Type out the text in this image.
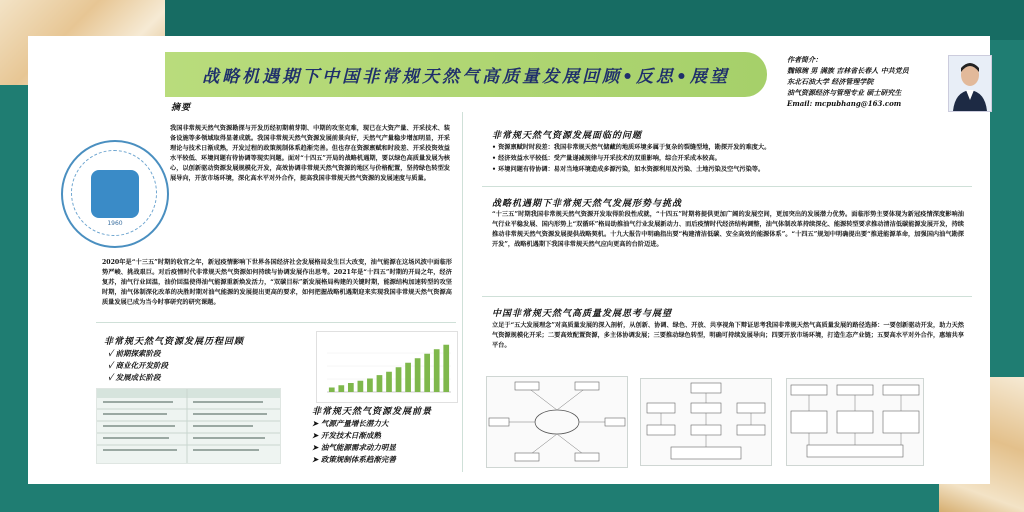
战略机遇期下中国非常规天然气高质量发展回顾•反思•展望
作者简介：
魏锦琬 男 满族 吉林省长春人 中共党员
东北石油大学 经济管理学院
油气资源经济与管理专业 硕士研究生
Email: mcpubhang@163.com
摘要
1960
我国非常规天然气资源勘探与开发历经初期萌芽期、中期的攻坚克难，现已在大资产量、开采技术、装备设施等多领域取得显著成就。我国非常规天然气资源发展前景向好，天然气产量稳步增加明显，开采理论与技术日渐成熟，开发过程的政策规制体系趋渐完善。但也存在资源禀赋和时段差、开采投资效益水平较低、环境问题有待协调等现实问题。面对“十四五”开局的战略机遇期，要以绿色高质量发展为核心，以创新驱动资源发展规模化开发，高效协调非常规天然气资源的地区与价格配置，坚持绿色转型发展导向，开放市场环境，深化高水平对外合作，提高我国非常规天然气资源的发展速度与质量。
2020年是“十三五”时期的收官之年，新冠疫情影响下世界各国经济社会发展格局发生巨大改变，油气能源在这场风波中面临形势严峻、挑战艰巨。对后疫情时代非常规天然气资源如何持续与协调发展作出思考。2021年是“十四五”时期的开局之年，经济复苏，油气行业回温，油价回温使得油气能源重新焕发活力，“双碳目标”新发展格局构建的关键时期，能源结构加速转型的攻坚时期，油气体制深化改革的决胜时期对油气能源的发展提出更高的要求，如何把握战略机遇期迎来实现我国非常规天然气资源高质量发展已成为当今时事研究的研究课题。
非常规天然气资源发展历程回顾
✓ 前期探索阶段
✓ 商业化开发阶段
✓ 发展成长阶段
非常规天然气资源发展前景
➤ 气源产量增长潜力大
➤ 开发技术日渐成熟
➤ 油气能源需求动力明显
➤ 政策规制体系趋渐完善
非常规天然气资源发展面临的问题
• 资源禀赋时时段差：我国非常规天然气储藏的地质环境多属于复杂的裂缝型地，勘探开发的难度大。
• 经济效益水平较低：受产量递减规律与开采技术的双重影响，综合开采成本较高。
• 环境问题有待协调：易对当地环境造成多源污染，如水资源利用及污染、土地污染及空气污染等。
战略机遇期下非常规天然气发展形势与挑战
“十三五”时期我国非常规天然气资源开发取得阶段性成就，“十四五”时期将提供更加广阔的发展空间，更加突出的发展潜力优势。面临形势主要体现为新冠疫情深度影响油气行业平稳发展、国内形势上“双循环”格局助推油气行业发展新动力、而后疫情时代经济结构调整，油气体制改革持续深化、能源转型要求推动清洁低碳能源发展开发，持续推动非常规天然气资源发展提供战略契机。十九大报告中明确指出要“构建清洁低碳、安全高效的能源体系”。“十四五”规划中明确提出要“推进能源革命，加强国内油气勘探开发”，战略机遇期下我国非常规天然气应向更高的台阶迈进。
中国非常规天然气高质量发展思考与展望
立足于“五大发展理念”对高质量发展的深入剖析，从创新、协调、绿色、开放、共享视角下辩证思考我国非常规天然气高质量发展的路径选择：一要创新驱动开发，助力天然气资源规模化开采；二要高效配置资源，多主体协调发展；三要推动绿色转型，明确可持续发展导向；四要开放市场环境，打造生态产业链；五要高水平对外合作，惠缩共享平台。
